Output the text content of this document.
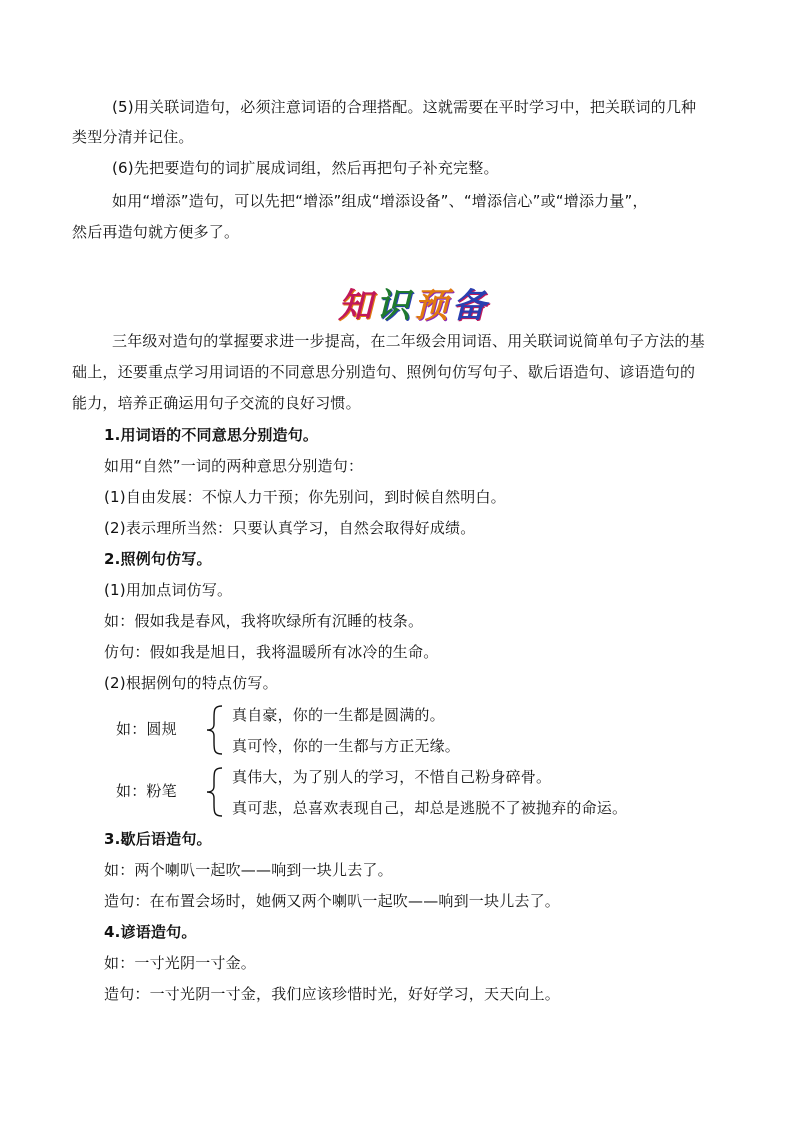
(5)用关联词造句，必须注意词语的合理搭配。这就需要在平时学习中，把关联词的几种
类型分清并记住。
(6)先把要造句的词扩展成词组，然后再把句子补充完整。
如用“增添”造句，可以先把“增添”组成“增添设备”、“增添信心”或“增添力量”，
然后再造句就方便多了。
知识预备
三年级对造句的掌握要求进一步提高，在二年级会用词语、用关联词说简单句子方法的基
础上，还要重点学习用词语的不同意思分别造句、照例句仿写句子、歇后语造句、谚语造句的
能力，培养正确运用句子交流的良好习惯。
1.用词语的不同意思分别造句。
如用“自然”一词的两种意思分别造句：
(1)自由发展：不惊人力干预；你先别问，到时候自然明白。
(2)表示理所当然：只要认真学习，自然会取得好成绩。
2.照例句仿写。
(1)用加点词仿写。
如：假如我是春风，我将吹绿所有沉睡的枝条。
仿句：假如我是旭日，我将温暖所有冰冷的生命。
(2)根据例句的特点仿写。
如：圆规
真自豪，你的一生都是圆满的。
真可怜，你的一生都与方正无缘。
如：粉笔
真伟大，为了别人的学习，不惜自己粉身碎骨。
真可悲，总喜欢表现自己，却总是逃脱不了被抛弃的命运。
3.歇后语造句。
如：两个喇叭一起吹——响到一块儿去了。
造句：在布置会场时，她俩又两个喇叭一起吹——响到一块儿去了。
4.谚语造句。
如：一寸光阴一寸金。
造句：一寸光阴一寸金，我们应该珍惜时光，好好学习，天天向上。
